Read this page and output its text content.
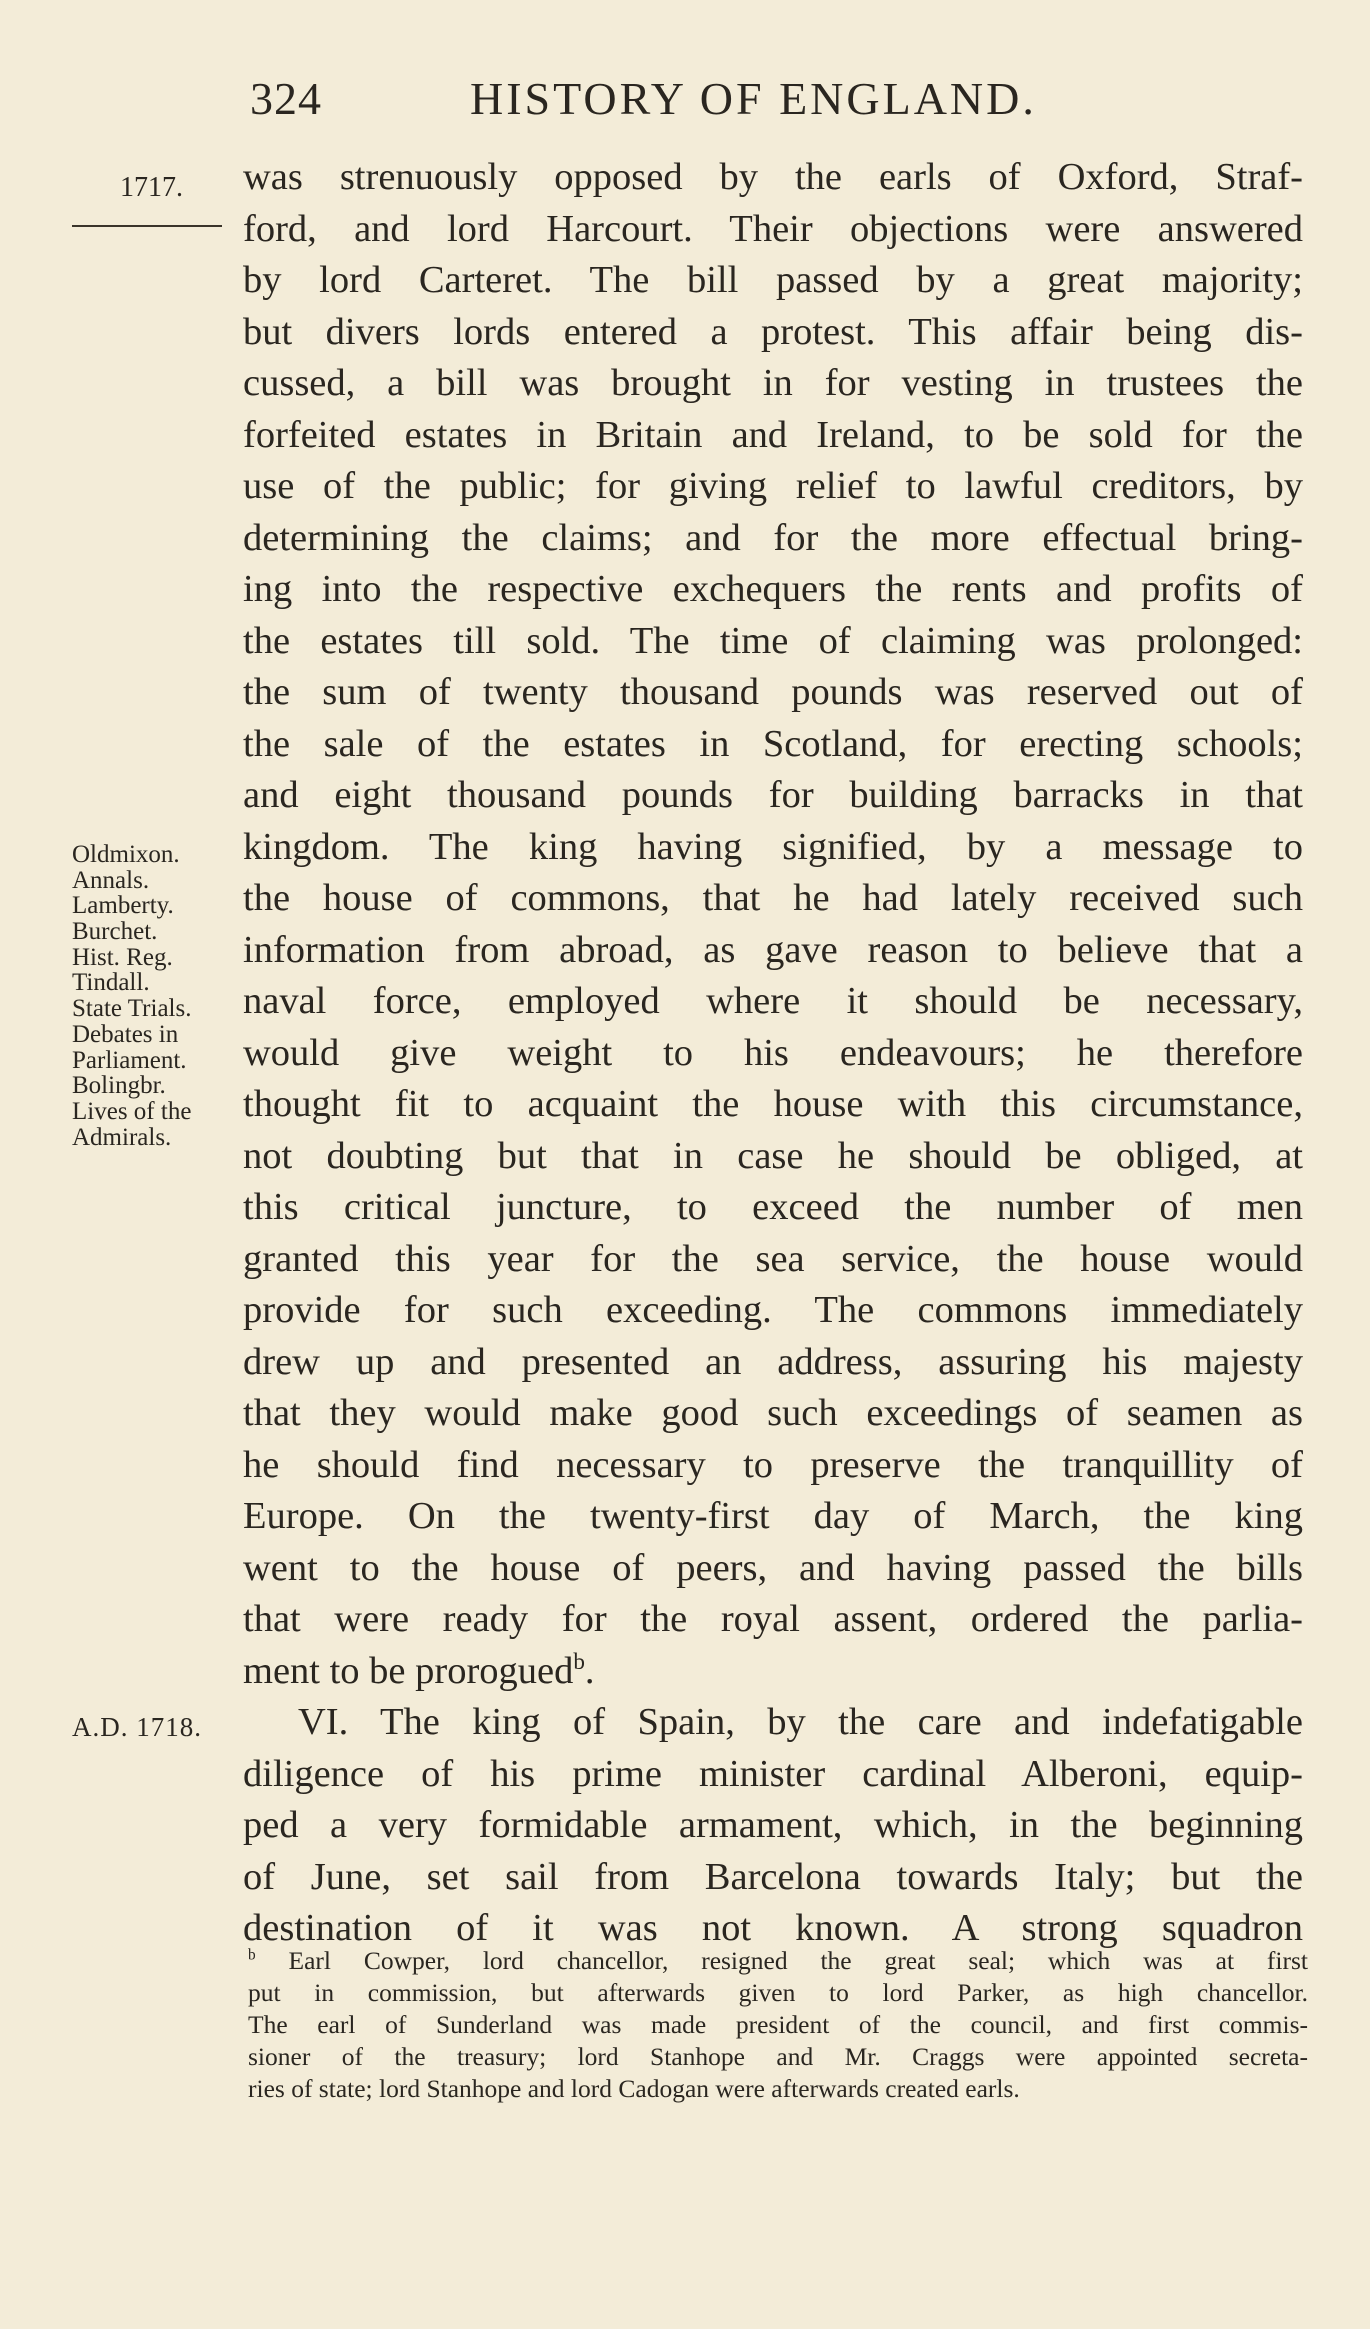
324	HISTORY OF ENGLAND.
1717.
Oldmixon.
Annals.
Lamberty.
Burchet.
Hist. Reg.
Tindall.
State Trials.
Debates in
Parliament.
Bolingbr.
Lives of the
Admirals.
A.D. 1718.
was strenuously opposed by the earls of Oxford, Straf-
ford, and lord Harcourt. Their objections were answered
by lord Carteret. The bill passed by a great majority;
but divers lords entered a protest. This affair being dis-
cussed, a bill was brought in for vesting in trustees the
forfeited estates in Britain and Ireland, to be sold for the
use of the public; for giving relief to lawful creditors, by
determining the claims; and for the more effectual bring-
ing into the respective exchequers the rents and profits of
the estates till sold. The time of claiming was prolonged:
the sum of twenty thousand pounds was reserved out of
the sale of the estates in Scotland, for erecting schools;
and eight thousand pounds for building barracks in that
kingdom. The king having signified, by a message to
the house of commons, that he had lately received such
information from abroad, as gave reason to believe that a
naval force, employed where it should be necessary,
would give weight to his endeavours; he therefore
thought fit to acquaint the house with this circumstance,
not doubting but that in case he should be obliged, at
this critical juncture, to exceed the number of men
granted this year for the sea service, the house would
provide for such exceeding. The commons immediately
drew up and presented an address, assuring his majesty
that they would make good such exceedings of seamen as
he should find necessary to preserve the tranquillity of
Europe. On the twenty-first day of March, the king
went to the house of peers, and having passed the bills
that were ready for the royal assent, ordered the parlia-
ment to be prorogued$^b$.
VI. The king of Spain, by the care and indefatigable
diligence of his prime minister cardinal Alberoni, equip-
ped a very formidable armament, which, in the beginning
of June, set sail from Barcelona towards Italy; but the
destination of it was not known. A strong squadron
$^b$ Earl Cowper, lord chancellor, resigned the great seal; which was at first
put in commission, but afterwards given to lord Parker, as high chancellor.
The earl of Sunderland was made president of the council, and first commis-
sioner of the treasury; lord Stanhope and Mr. Craggs were appointed secreta-
ries of state; lord Stanhope and lord Cadogan were afterwards created earls.
